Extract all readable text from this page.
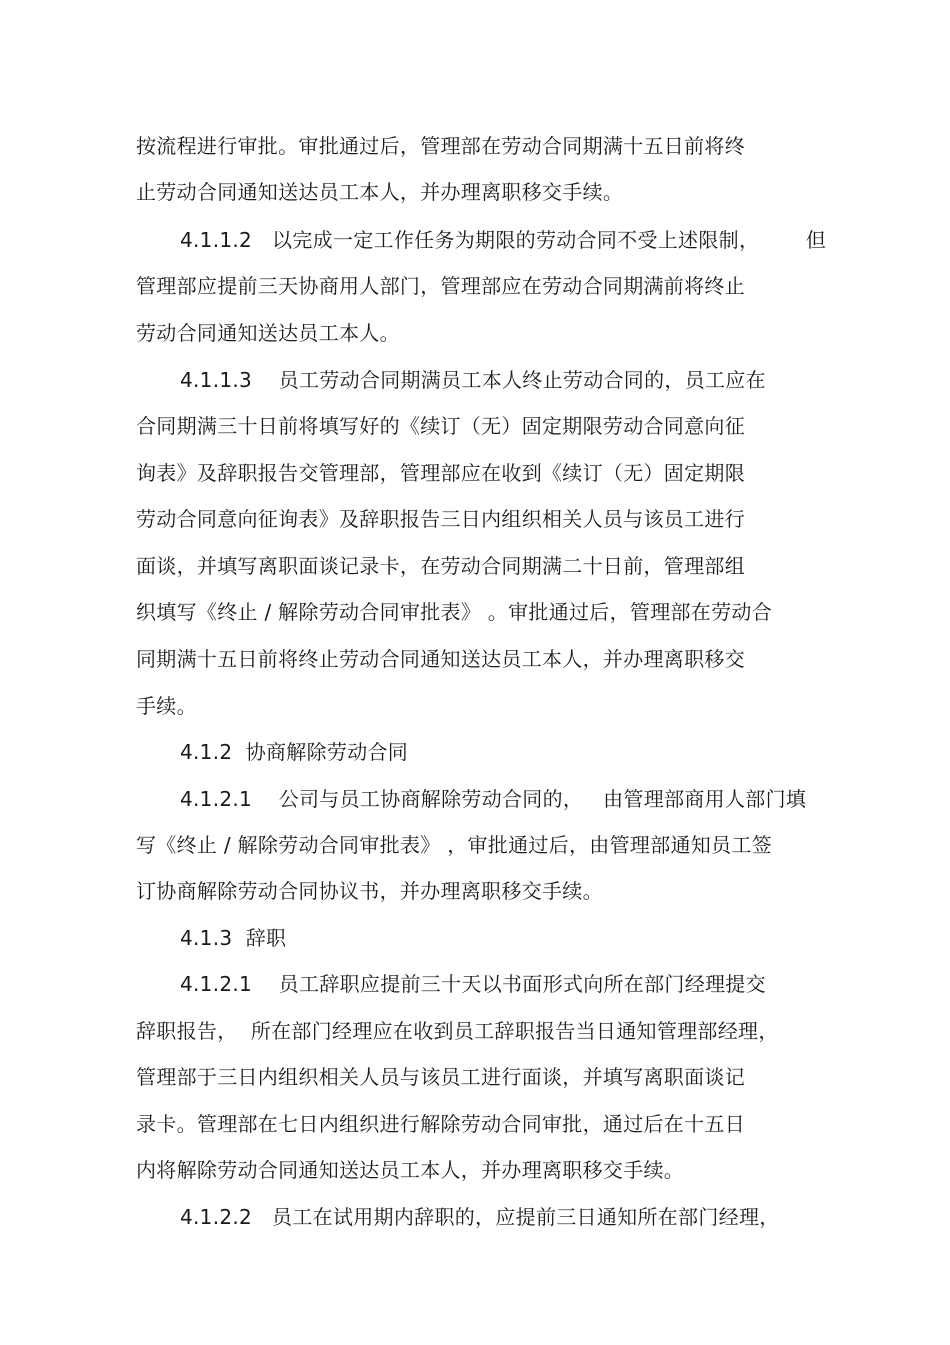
按流程进行审批。审批通过后，管理部在劳动合同期满十五日前将终
止劳动合同通知送达员工本人，并办理离职移交手续。
4.1.1.2   以完成一定工作任务为期限的劳动合同不受上述限制，       但
管理部应提前三天协商用人部门，管理部应在劳动合同期满前将终止
劳动合同通知送达员工本人。
4.1.1.3    员工劳动合同期满员工本人终止劳动合同的，员工应在
合同期满三十日前将填写好的《续订（无）固定期限劳动合同意向征
询表》及辞职报告交管理部，管理部应在收到《续订（无）固定期限
劳动合同意向征询表》及辞职报告三日内组织相关人员与该员工进行
面谈，并填写离职面谈记录卡，在劳动合同期满二十日前，管理部组
织填写《终止 / 解除劳动合同审批表》 。审批通过后，管理部在劳动合
同期满十五日前将终止劳动合同通知送达员工本人，并办理离职移交
手续。
4.1.2  协商解除劳动合同
4.1.2.1    公司与员工协商解除劳动合同的，   由管理部商用人部门填
写《终止 / 解除劳动合同审批表》 ，审批通过后，由管理部通知员工签
订协商解除劳动合同协议书，并办理离职移交手续。
4.1.3  辞职
4.1.2.1    员工辞职应提前三十天以书面形式向所在部门经理提交
辞职报告，  所在部门经理应在收到员工辞职报告当日通知管理部经理，
管理部于三日内组织相关人员与该员工进行面谈，并填写离职面谈记
录卡。管理部在七日内组织进行解除劳动合同审批，通过后在十五日
内将解除劳动合同通知送达员工本人，并办理离职移交手续。
4.1.2.2   员工在试用期内辞职的，应提前三日通知所在部门经理，
